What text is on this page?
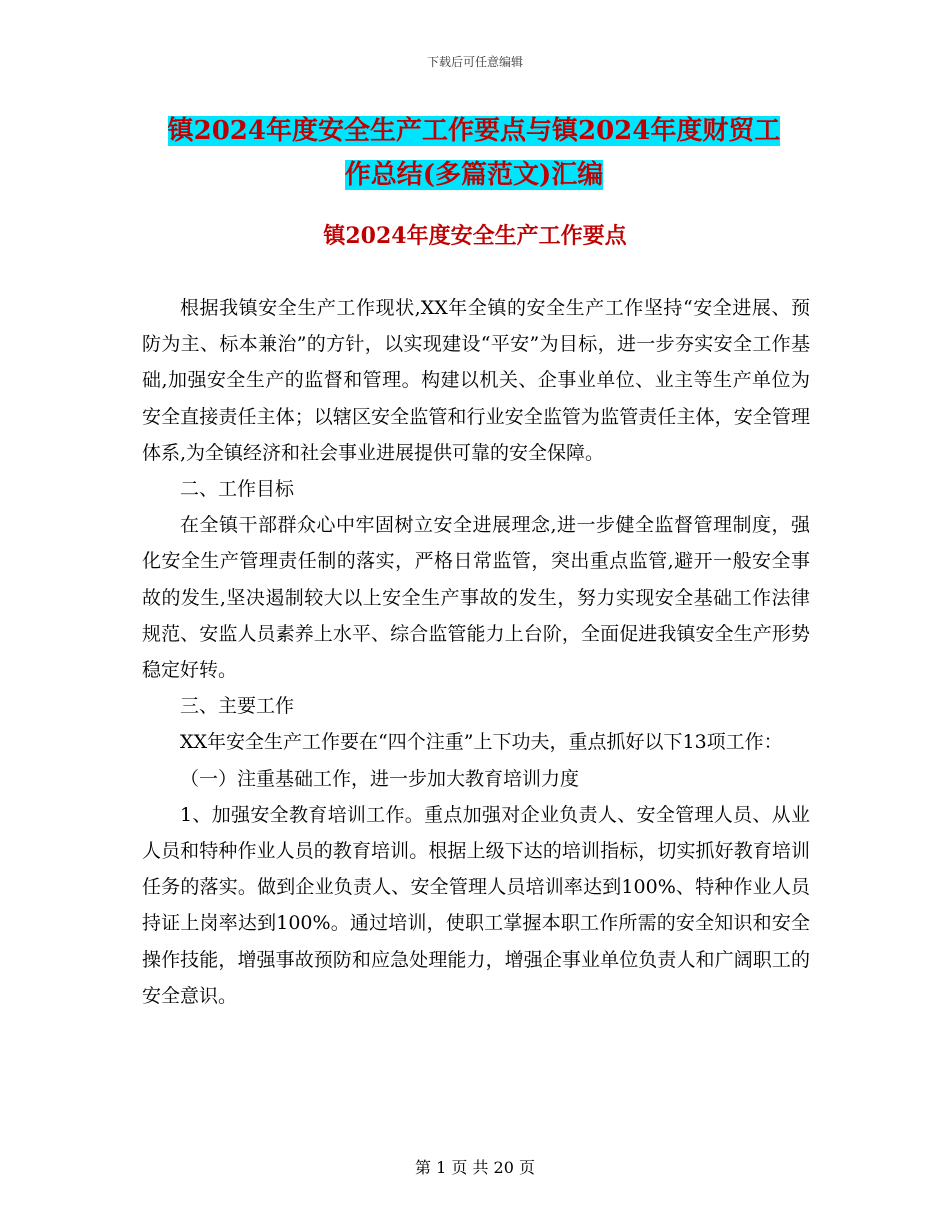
下载后可任意编辑
镇2024年度安全生产工作要点与镇2024年度财贸工
作总结(多篇范文)汇编
镇2024年度安全生产工作要点

根据我镇安全生产工作现状,XX年全镇的安全生产工作坚持“安全进展、预防为主、标本兼治”的方针，以实现建设“平安”为目标，进一步夯实安全工作基础,加强安全生产的监督和管理。构建以机关、企事业单位、业主等生产单位为安全直接责任主体；以辖区安全监管和行业安全监管为监管责任主体，安全管理体系,为全镇经济和社会事业进展提供可靠的安全保障。

二、工作目标

在全镇干部群众心中牢固树立安全进展理念,进一步健全监督管理制度，强化安全生产管理责任制的落实，严格日常监管，突出重点监管,避开一般安全事故的发生,坚决遏制较大以上安全生产事故的发生，努力实现安全基础工作法律规范、安监人员素养上水平、综合监管能力上台阶，全面促进我镇安全生产形势稳定好转。

三、主要工作

XX年安全生产工作要在“四个注重”上下功夫，重点抓好以下13项工作：

（一）注重基础工作，进一步加大教育培训力度

1、加强安全教育培训工作。重点加强对企业负责人、安全管理人员、从业人员和特种作业人员的教育培训。根据上级下达的培训指标，切实抓好教育培训任务的落实。做到企业负责人、安全管理人员培训率达到100%、特种作业人员持证上岗率达到100%。通过培训，使职工掌握本职工作所需的安全知识和安全操作技能，增强事故预防和应急处理能力，增强企事业单位负责人和广阔职工的安全意识。

第 1 页 共 20 页
